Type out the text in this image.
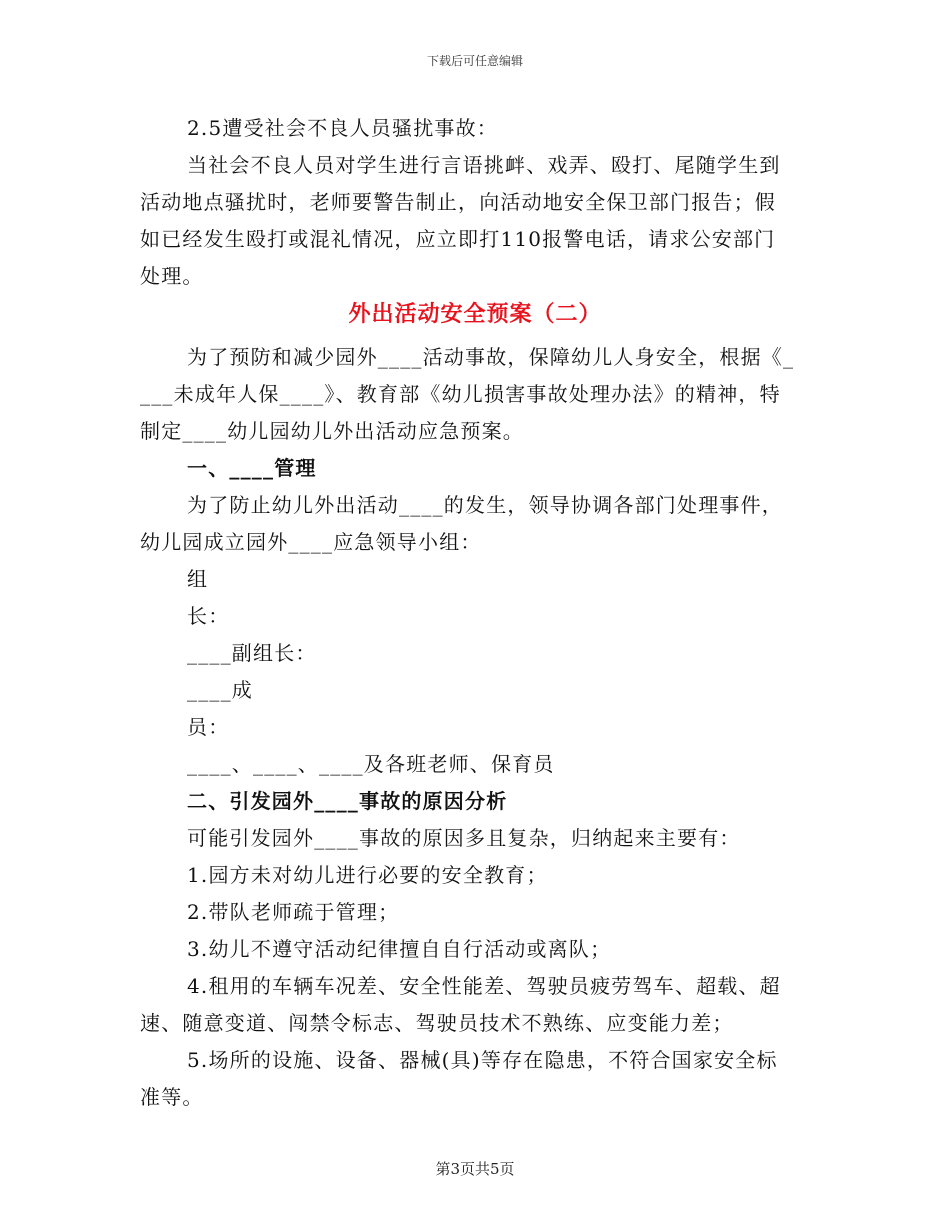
下载后可任意编辑

2.5遭受社会不良人员骚扰事故：

当社会不良人员对学生进行言语挑衅、戏弄、殴打、尾随学生到

活动地点骚扰时，老师要警告制止，向活动地安全保卫部门报告；假

如已经发生殴打或混礼情况，应立即打110报警电话，请求公安部门

处理。

外出活动安全预案（二）

为了预防和减少园外____活动事故，保障幼儿人身安全，根据《_

___未成年人保____》、教育部《幼儿损害事故处理办法》的精神，特

制定____幼儿园幼儿外出活动应急预案。

一、____管理

为了防止幼儿外出活动____的发生，领导协调各部门处理事件，

幼儿园成立园外____应急领导小组：

组

长：

____副组长：

____成

员：

____、____、____及各班老师、保育员

二、引发园外____事故的原因分析

可能引发园外____事故的原因多且复杂，归纳起来主要有：

1.园方未对幼儿进行必要的安全教育；

2.带队老师疏于管理；

3.幼儿不遵守活动纪律擅自自行活动或离队；

4.租用的车辆车况差、安全性能差、驾驶员疲劳驾车、超载、超

速、随意变道、闯禁令标志、驾驶员技术不熟练、应变能力差；

5.场所的设施、设备、器械(具)等存在隐患，不符合国家安全标

准等。

第3页共5页
